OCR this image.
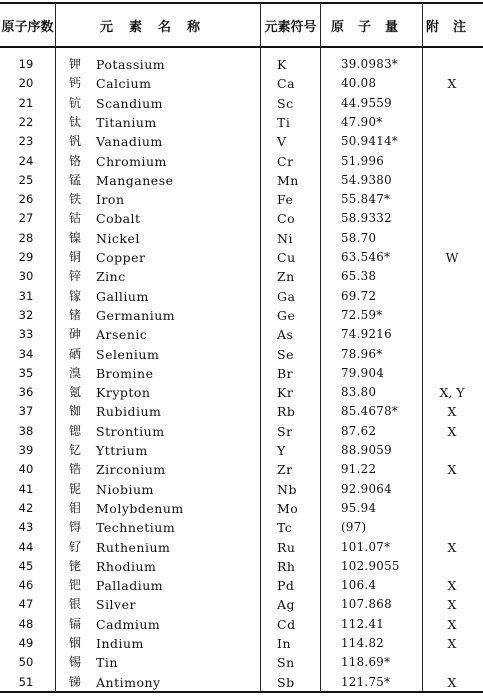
原子序数	元素名称	元素符号	原子量	附注
19	钾	Potassium	K	39.0983*
20	钙	Calcium	Ca	40.08	X
21	钪	Scandium	Sc	44.9559
22	钛	Titanium	Ti	47.90*
23	钒	Vanadium	V	50.9414*
24	铬	Chromium	Cr	51.996
25	锰	Manganese	Mn	54.9380
26	铁	Iron	Fe	55.847*
27	钴	Cobalt	Co	58.9332
28	镍	Nickel	Ni	58.70
29	铜	Copper	Cu	63.546*	W
30	锌	Zinc	Zn	65.38
31	镓	Gallium	Ga	69.72
32	锗	Germanium	Ge	72.59*
33	砷	Arsenic	As	74.9216
34	硒	Selenium	Se	78.96*
35	溴	Bromine	Br	79.904
36	氪	Krypton	Kr	83.80	X, Y
37	铷	Rubidium	Rb	85.4678*	X
38	锶	Strontium	Sr	87.62	X
39	钇	Yttrium	Y	88.9059
40	锆	Zirconium	Zr	91.22	X
41	铌	Niobium	Nb	92.9064
42	钼	Molybdenum	Mo	95.94
43	锝	Technetium	Tc	(97)
44	钌	Ruthenium	Ru	101.07*	X
45	铑	Rhodium	Rh	102.9055
46	钯	Palladium	Pd	106.4	X
47	银	Silver	Ag	107.868	X
48	镉	Cadmium	Cd	112.41	X
49	铟	Indium	In	114.82	X
50	锡	Tin	Sn	118.69*
51	锑	Antimony	Sb	121.75*	X
